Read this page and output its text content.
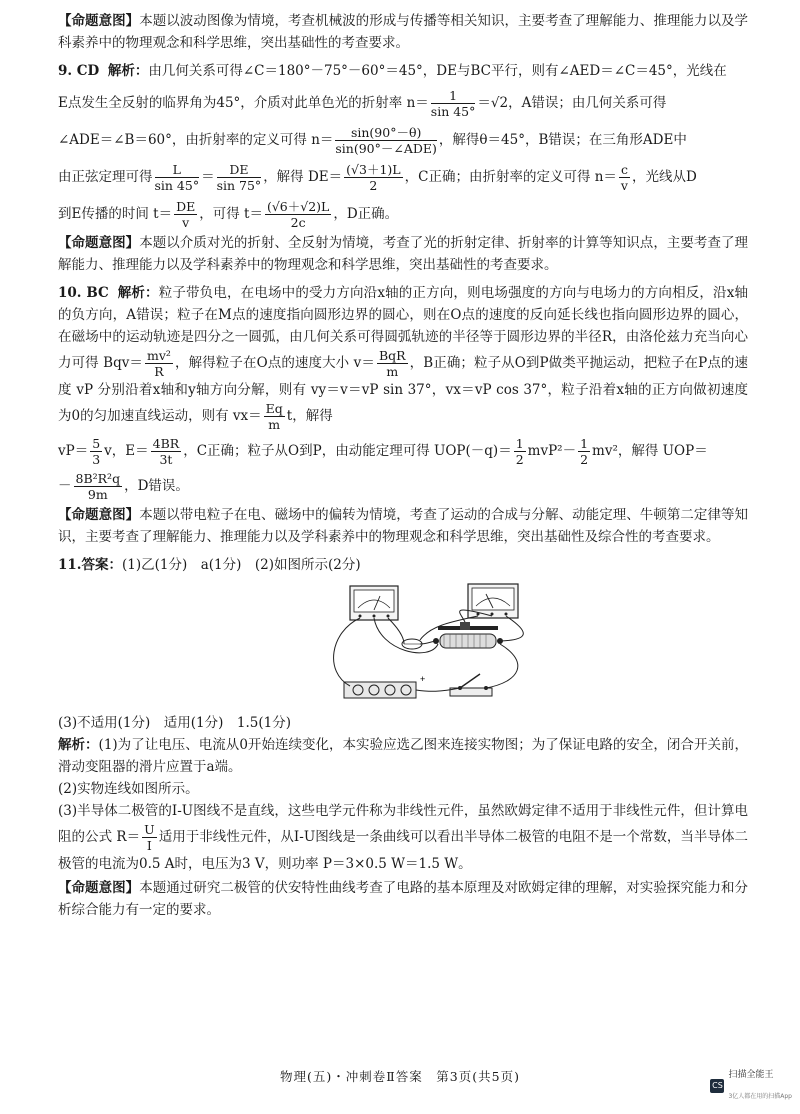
【命题意图】本题以波动图像为情境，考查机械波的形成与传播等相关知识，主要考查了理解能力、推理能力以及学科素养中的物理观念和科学思维，突出基础性的考查要求。

9. CD 解析：由几何关系可得∠C＝180°－75°－60°＝45°，DE与BC平行，则有∠AED＝∠C＝45°，光线在

E点发生全反射的临界角为45°，介质对此单色光的折射率 $n= \frac{1}{\sin 45^\circ} =√2$，A错误；由几何关系可得

∠ADE＝∠B＝60°，由折射率的定义可得 $n= \frac{\sin(90^\circ-\theta)}{\text{sin(90°－∠ADE)}}$ ，解得θ＝45°，B错误；在三角形ADE中

由正弦定理可得 $\frac{L}{\sin 45^\circ} = \frac{DE}{\sin 75^\circ}$ ，解得 $DE= \frac{(√3+1)L}{2}$ ，C正确；由折射率的定义可得 $n= \frac{c}{v}$ ，光线从D

到E传播的时间 $t= \frac{DE}{v}$ ，可得 $t= \frac{(√6+√2)L}{2c}$ ，D正确。

【命题意图】本题以介质对光的折射、全反射为情境，考查了光的折射定律、折射率的计算等知识点，主要考查了理解能力、推理能力以及学科素养中的物理观念和科学思维，突出基础性的考查要求。

10. BC 解析：粒子带负电，在电场中的受力方向沿x轴的正方向，则电场强度的方向与电场力的方向相反，沿x轴的负方向，A错误；粒子在M点的速度指向圆形边界的圆心，则在O点的速度的反向延长线也指向圆形边界的圆心，在磁场中的运动轨迹是四分之一圆弧，由几何关系可得圆弧轨迹的半径等于圆形边界的半径R，由洛伦兹力充当向心力可得 $Bqv= \frac{\text{mv²}}{R}$ ，解得粒子在O点的速度大小 $v= \frac{\text{BqR}}{m}$ ，B正确；粒子从O到P做类平抛运动，把粒子在P点的速度 vP 分别沿着x轴和y轴方向分解，则有 vy＝v＝vP sin 37°，vx＝vP cos 37°，粒子沿着x轴的正方向做初速度为0的匀加速直线运动，则有 $vx= \frac{Eq}{m}$ t，解得

$vP= \frac{5}{3}$ v，$E= \frac{4BR}{3t}$ ，C正确；粒子从O到P，由动能定理可得 $UOP(-q)= \frac{1}{2} mvP^2- \frac{1}{2} mv^2$，解得 UOP＝

－ $\frac{\text{8B²R²q}}{9m}$ ，D错误。

【命题意图】本题以带电粒子在电、磁场中的偏转为情境，考查了运动的合成与分解、动能定理、牛顿第二定律等知识，主要考查了理解能力、推理能力以及学科素养中的物理观念和科学思维，突出基础性及综合性的考查要求。

11.答案：(1)乙(1分)　a(1分)　(2)如图所示(2分)

+

(3)不适用(1分)　适用(1分)　1.5(1分)

解析：(1)为了让电压、电流从0开始连续变化，本实验应选乙图来连接实物图；为了保证电路的安全，闭合开关前，滑动变阻器的滑片应置于a端。

(2)实物连线如图所示。

(3)半导体二极管的I-U图线不是直线，这些电学元件称为非线性元件，虽然欧姆定律不适用于非线性元件，但计算电阻的公式 $R= \frac{U}{I}$ 适用于非线性元件，从I-U图线是一条曲线可以看出半导体二极管的电阻不是一个常数，当半导体二极管的电流为0.5 A时，电压为3 V，则功率 P＝3×0.5 W＝1.5 W。

【命题意图】本题通过研究二极管的伏安特性曲线考查了电路的基本原理及对欧姆定律的理解，对实验探究能力和分析综合能力有一定的要求。

物理(五)・冲刺卷Ⅱ答案　第3页(共5页)
CS
扫描全能王
3亿人都在用的扫描App
